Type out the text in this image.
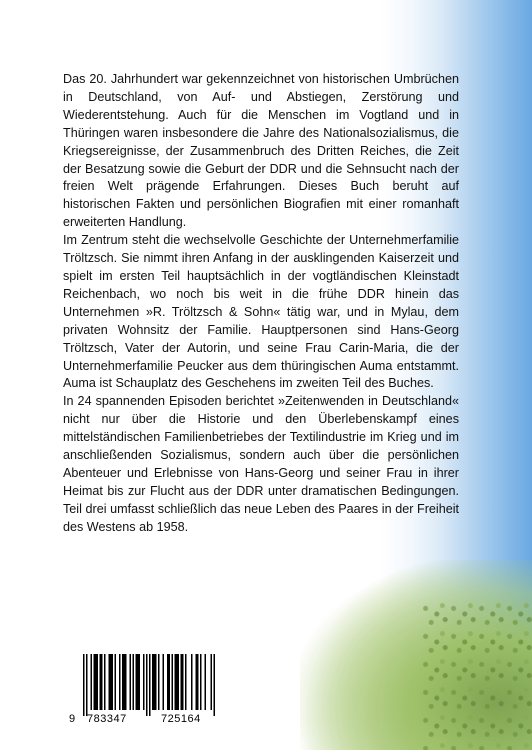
Das 20. Jahrhundert war gekennzeichnet von historischen Umbrüchen in Deutschland, von Auf- und Abstiegen, Zerstörung und Wiederentstehung. Auch für die Menschen im Vogtland und in Thüringen waren insbesondere die Jahre des Nationalsozialismus, die Kriegsereignisse, der Zusammenbruch des Dritten Reiches, die Zeit der Besatzung sowie die Geburt der DDR und die Sehnsucht nach der freien Welt prägende Erfahrungen. Dieses Buch beruht auf historischen Fakten und persönlichen Biografien mit einer romanhaft erweiterten Handlung.

Im Zentrum steht die wechselvolle Geschichte der Unternehmerfamilie Tröltzsch. Sie nimmt ihren Anfang in der ausklingenden Kaiserzeit und spielt im ersten Teil hauptsächlich in der vogtländischen Kleinstadt Reichenbach, wo noch bis weit in die frühe DDR hinein das Unternehmen »R. Tröltzsch & Sohn« tätig war, und in Mylau, dem privaten Wohnsitz der Familie. Hauptpersonen sind Hans-Georg Tröltzsch, Vater der Autorin, und seine Frau Carin-Maria, die der Unternehmerfamilie Peucker aus dem thüringischen Auma entstammt. Auma ist Schauplatz des Geschehens im zweiten Teil des Buches.

In 24 spannenden Episoden berichtet »Zeitenwenden in Deutschland« nicht nur über die Historie und den Überlebenskampf eines mittelständischen Familienbetriebes der Textilindustrie im Krieg und im anschließenden Sozialismus, sondern auch über die persönlichen Abenteuer und Erlebnisse von Hans-Georg und seiner Frau in ihrer Heimat bis zur Flucht aus der DDR unter dramatischen Bedingungen. Teil drei umfasst schließlich das neue Leben des Paares in der Freiheit des Westens ab 1958.

9 783347	725164
